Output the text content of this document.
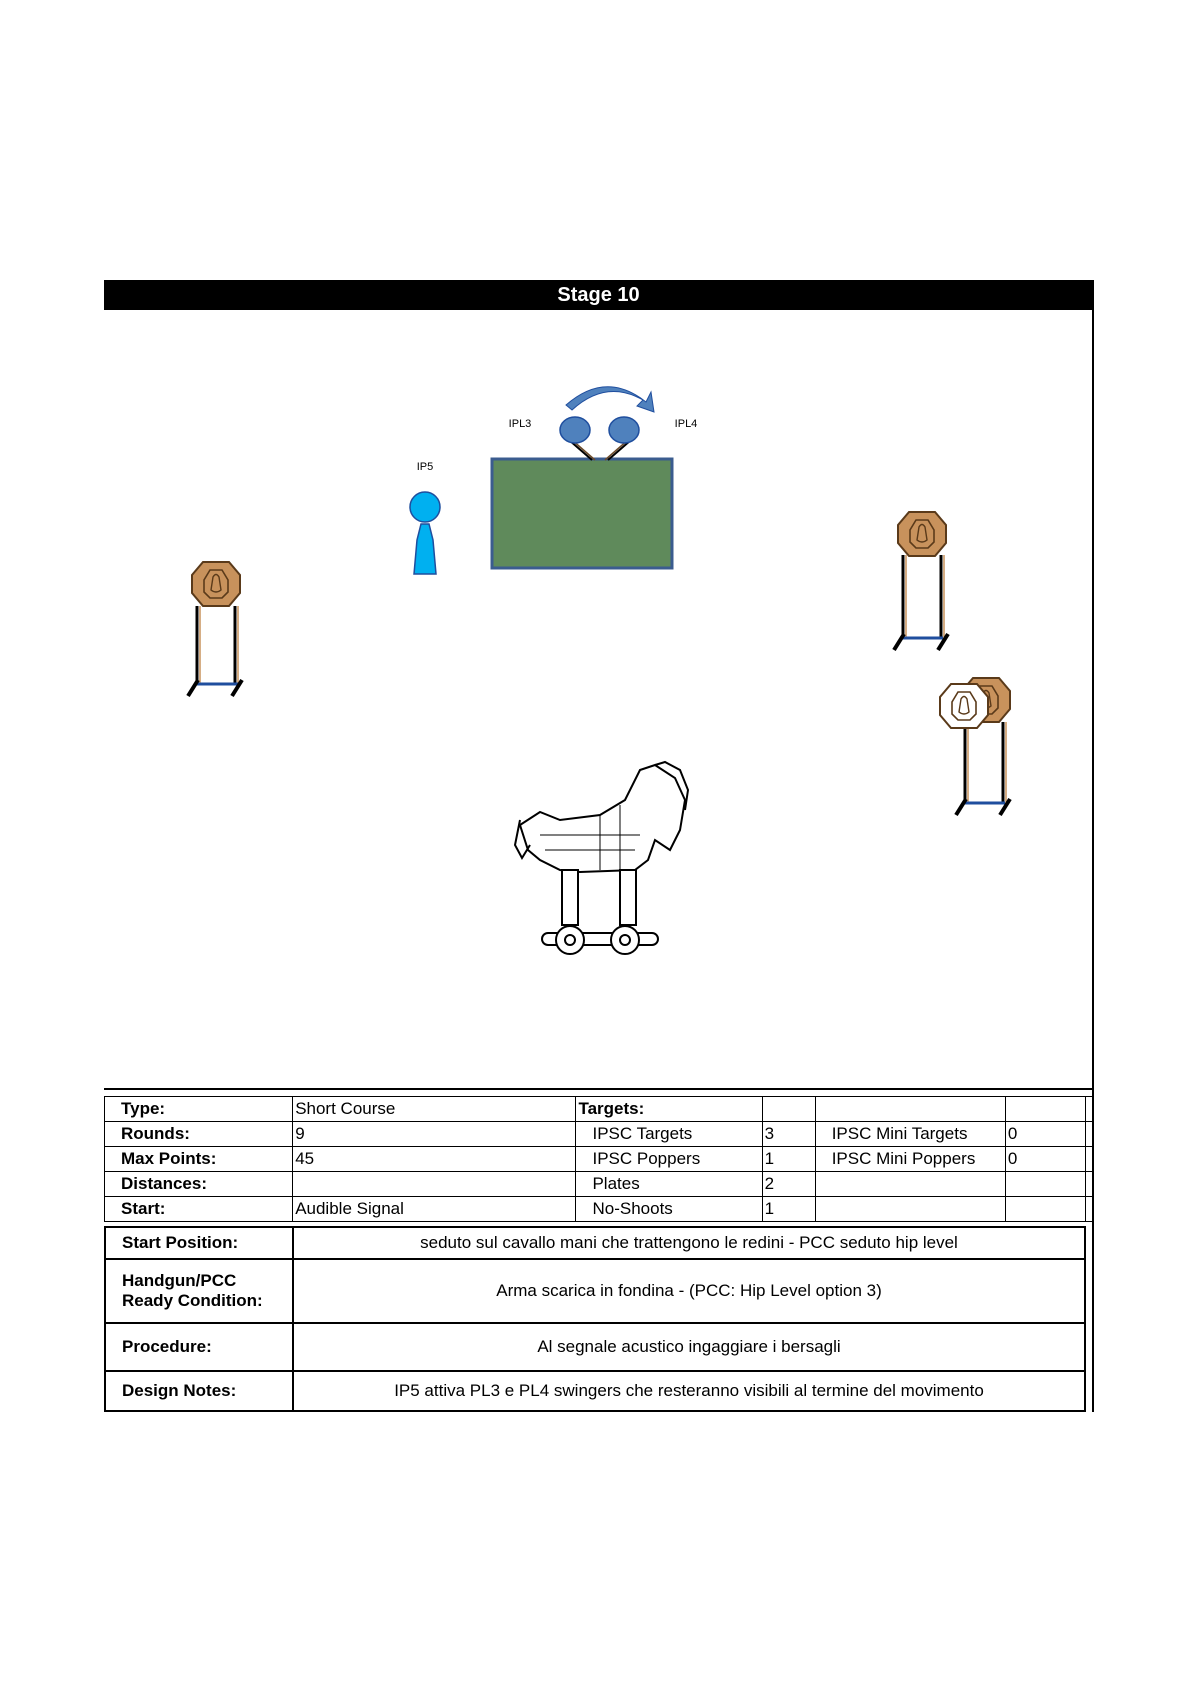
Stage 10
IP5
IPL3	IPL4
Type:	Short Course	Targets:				
Rounds:	9	IPSC Targets	3	IPSC Mini Targets	0	
Max Points:	45	IPSC Poppers	1	IPSC Mini Poppers	0	
Distances:		Plates	2			
Start:	Audible Signal	No-Shoots	1			
Start Position:	seduto sul cavallo mani che trattengono le redini - PCC seduto hip level
Handgun/PCC Ready Condition:	Arma scarica in fondina - (PCC: Hip Level option 3)
Procedure:	Al segnale acustico ingaggiare i bersagli
Design Notes:	IP5 attiva PL3 e PL4 swingers che resteranno visibili al termine del movimento
